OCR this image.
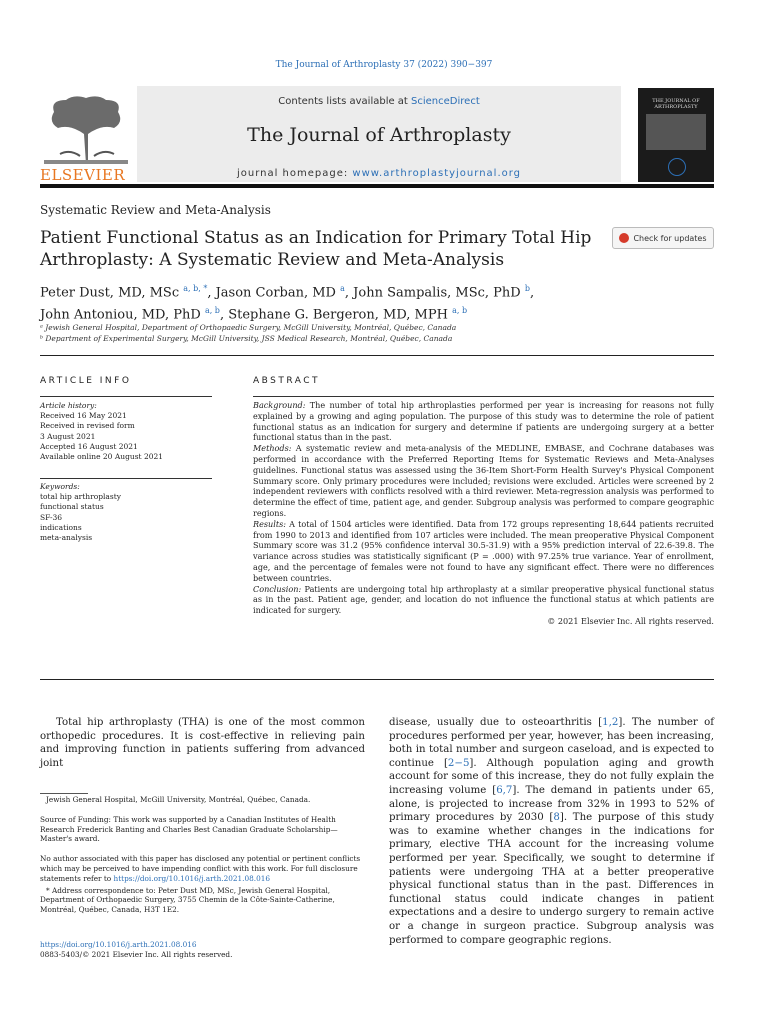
The Journal of Arthroplasty 37 (2022) 390−397
ELSEVIER
Contents lists available at ScienceDirect
The Journal of Arthroplasty
journal homepage: www.arthroplastyjournal.org
THE JOURNAL OF ARTHROPLASTY
Systematic Review and Meta-Analysis
Patient Functional Status as an Indication for Primary Total Hip Arthroplasty: A Systematic Review and Meta-Analysis
Check for updates
Peter Dust, MD, MSc $^{a, b, *}$, Jason Corban, MD $^a$, John Sampalis, MSc, PhD $^b$,
John Antoniou, MD, PhD $^{a, b}$, Stephane G. Bergeron, MD, MPH $^{a, b}$
ᵃ Jewish General Hospital, Department of Orthopaedic Surgery, McGill University, Montréal, Québec, Canada
ᵇ Department of Experimental Surgery, McGill University, JSS Medical Research, Montréal, Québec, Canada
ARTICLE INFO
Article history:
Received 16 May 2021
Received in revised form
3 August 2021
Accepted 16 August 2021
Available online 20 August 2021
Keywords:
total hip arthroplasty
functional status
SF-36
indications
meta-analysis
ABSTRACT

Background: The number of total hip arthroplasties performed per year is increasing for reasons not fully explained by a growing and aging population. The purpose of this study was to determine the role of patient functional status as an indication for surgery and determine if patients are undergoing surgery at a better functional status than in the past.

Methods: A systematic review and meta-analysis of the MEDLINE, EMBASE, and Cochrane databases was performed in accordance with the Preferred Reporting Items for Systematic Reviews and Meta-Analyses guidelines. Functional status was assessed using the 36-Item Short-Form Health Survey's Physical Component Summary score. Only primary procedures were included; revisions were excluded. Articles were screened by 2 independent reviewers with conflicts resolved with a third reviewer. Meta-regression analysis was performed to determine the effect of time, patient age, and gender. Subgroup analysis was performed to compare geographic regions.

Results: A total of 1504 articles were identified. Data from 172 groups representing 18,644 patients recruited from 1990 to 2013 and identified from 107 articles were included. The mean preoperative Physical Component Summary score was 31.2 (95% confidence interval 30.5-31.9) with a 95% prediction interval of 22.6-39.8. The variance across studies was statistically significant (P = .000) with 97.25% true variance. Year of enrollment, age, and the percentage of females were not found to have any significant effect. There were no differences between countries.

Conclusion: Patients are undergoing total hip arthroplasty at a similar preoperative physical functional status as in the past. Patient age, gender, and location do not influence the functional status at which patients are indicated for surgery.

© 2021 Elsevier Inc. All rights reserved.

Total hip arthroplasty (THA) is one of the most common orthopedic procedures. It is cost-effective in relieving pain and improving function in patients suffering from advanced joint
disease, usually due to osteoarthritis [1,2]. The number of procedures performed per year, however, has been increasing, both in total number and surgeon caseload, and is expected to continue [2−5]. Although population aging and growth account for some of this increase, they do not fully explain the increasing volume [6,7]. The demand in patients under 65, alone, is projected to increase from 32% in 1993 to 52% of primary procedures by 2030 [8]. The purpose of this study was to examine whether changes in the indications for primary, elective THA account for the increasing volume performed per year. Specifically, we sought to determine if patients were undergoing THA at a better preoperative physical functional status than in the past. Differences in functional status could indicate changes in patient expectations and a desire to undergo surgery to remain active or a change in surgeon practice. Subgroup analysis was performed to compare geographic regions.

Jewish General Hospital, McGill University, Montréal, Québec, Canada.

Source of Funding: This work was supported by a Canadian Institutes of Health Research Frederick Banting and Charles Best Canadian Graduate Scholarship—Master's award.

No author associated with this paper has disclosed any potential or pertinent conflicts which may be perceived to have impending conflict with this work. For full disclosure statements refer to https://doi.org/10.1016/j.arth.2021.08.016

* Address correspondence to: Peter Dust MD, MSc, Jewish General Hospital, Department of Orthopaedic Surgery, 3755 Chemin de la Côte-Sainte-Catherine, Montréal, Québec, Canada, H3T 1E2.

https://doi.org/10.1016/j.arth.2021.08.016
0883-5403/© 2021 Elsevier Inc. All rights reserved.
